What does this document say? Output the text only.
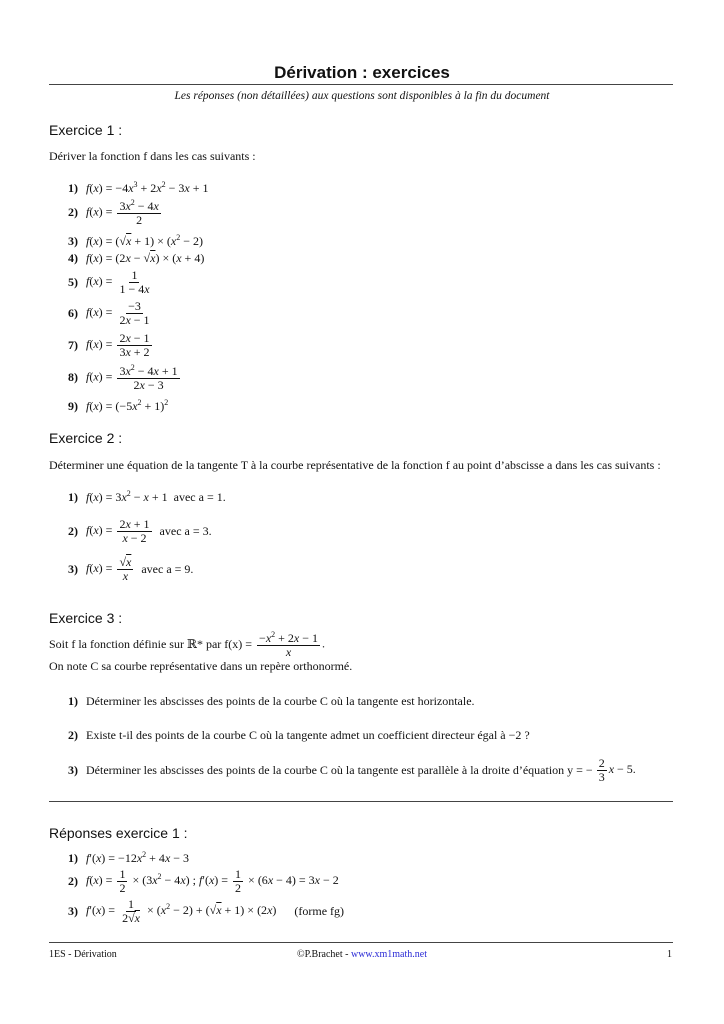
Dérivation : exercices
Les réponses (non détaillées) aux questions sont disponibles à la fin du document
Exercice 1 :
Dériver la fonction f dans les cas suivants :
1) $f(x) = -4x^3 + 2x^2 - 3x + 1$
2) $f(x) = \frac{3x^2 - 4x}{2}$
3) $f(x) = (√x + 1) \times (x^2 - 2)$
4) f(x) = (2x − √x) × (x + 4)
5) $f(x) = \frac{1}{1 - 4x}$
6) $f(x) = \frac{-3}{2x - 1}$
7) $f(x) = \frac{2x - 1}{3x + 2}$
8) $f(x) = \frac{3x^2 - 4x + 1}{2x - 3}$
9) $f(x) = (-5x^2 + 1)^2$
Exercice 2 :
Déterminer une équation de la tangente T à la courbe représentative de la fonction f au point d’abscisse a dans les cas suivants :
1) $f(x) = 3x^2 - x + 1$ avec a = 1.
2) $f(x) = \frac{2x + 1}{x - 2}$ avec a = 3.
3) $f(x) = \frac{√x}{x}$ avec a = 9.
Exercice 3 :
Soit f la fonction définie sur ℝ* par $f(x) = \frac{-x^2 + 2x - 1}{x}$ .
On note C sa courbe représentative dans un repère orthonormé.
1) Déterminer les abscisses des points de la courbe C où la tangente est horizontale.
2) Existe t-il des points de la courbe C où la tangente admet un coefficient directeur égal à −2 ?
3) Déterminer les abscisses des points de la courbe C où la tangente est parallèle à la droite d’équation y = − $\frac{2}{3}$ x − 5.
Réponses exercice 1 :
1) $f'(x) = -12x^2 + 4x - 3$
2) $f(x) = \frac{1}{2} \times (3x^2 - 4x)$ ; $f'(x) = \frac{1}{2} \times (6x - 4) = 3x - 2$
3) $f'(x) = \frac{1}{2√x} \times (x^2 - 2) + (√x + 1) \times (2x)$ (forme fg)
1ES - Dérivation	©P.Brachet - www.xm1math.net	1
